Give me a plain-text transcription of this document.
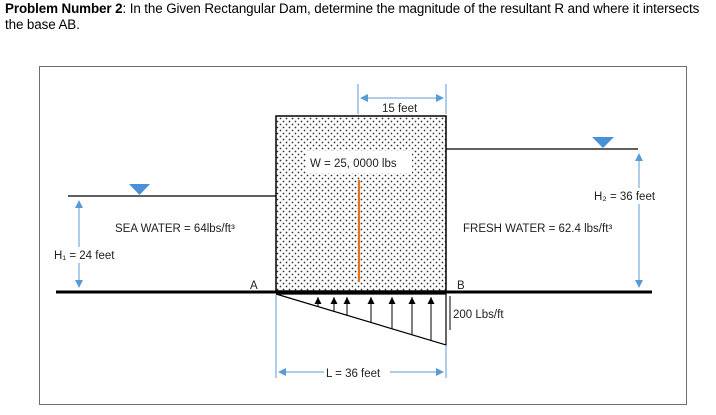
Problem Number 2: In the Given Rectangular Dam, determine the magnitude of the resultant R and where it intersects the base AB.
W = 25, 0000 lbs
15 feet
H₁ = 24 feet
H₂ = 36 feet
SEA WATER = 64lbs/ft³	FRESH WATER = 62.4 lbs/ft³
A	B
200 Lbs/ft
L = 36 feet
